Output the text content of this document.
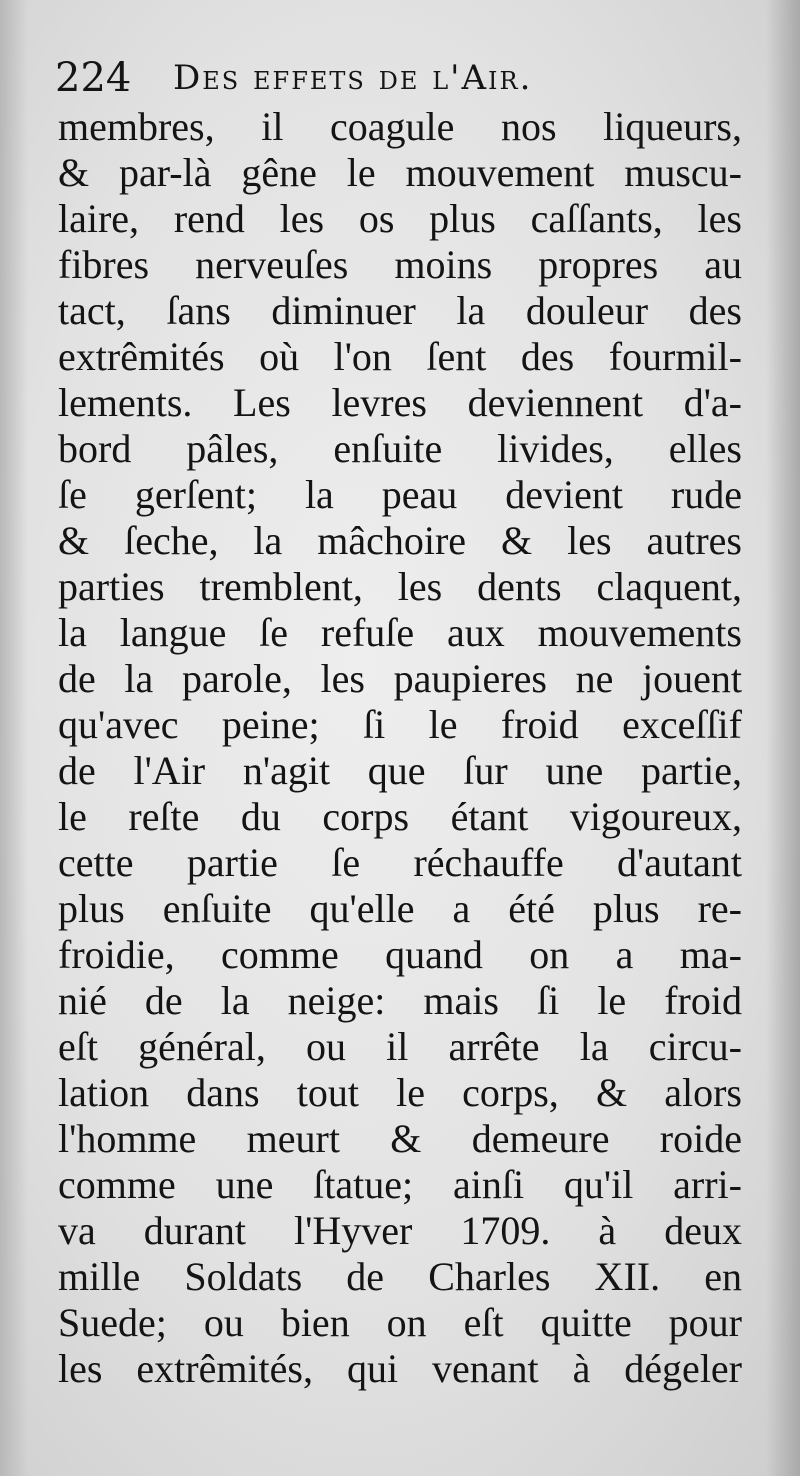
224 Des effets de l'Air.
membres, il coagule nos liqueurs,
& par-là gêne le mouvement muscu-
laire, rend les os plus caſſants, les
fibres nerveuſes moins propres au
tact, ſans diminuer la douleur des
extrêmités où l'on ſent des fourmil-
lements. Les levres deviennent d'a-
bord pâles, enſuite livides, elles
ſe gerſent; la peau devient rude
& ſeche, la mâchoire & les autres
parties tremblent, les dents claquent,
la langue ſe refuſe aux mouvements
de la parole, les paupieres ne jouent
qu'avec peine; ſi le froid exceſſif
de l'Air n'agit que ſur une partie,
le reſte du corps étant vigoureux,
cette partie ſe réchauffe d'autant
plus enſuite qu'elle a été plus re-
froidie, comme quand on a ma-
nié de la neige: mais ſi le froid
eſt général, ou il arrête la circu-
lation dans tout le corps, & alors
l'homme meurt & demeure roide
comme une ſtatue; ainſi qu'il arri-
va durant l'Hyver 1709. à deux
mille Soldats de Charles XII. en
Suede; ou bien on eſt quitte pour
les extrêmités, qui venant à dégeler
